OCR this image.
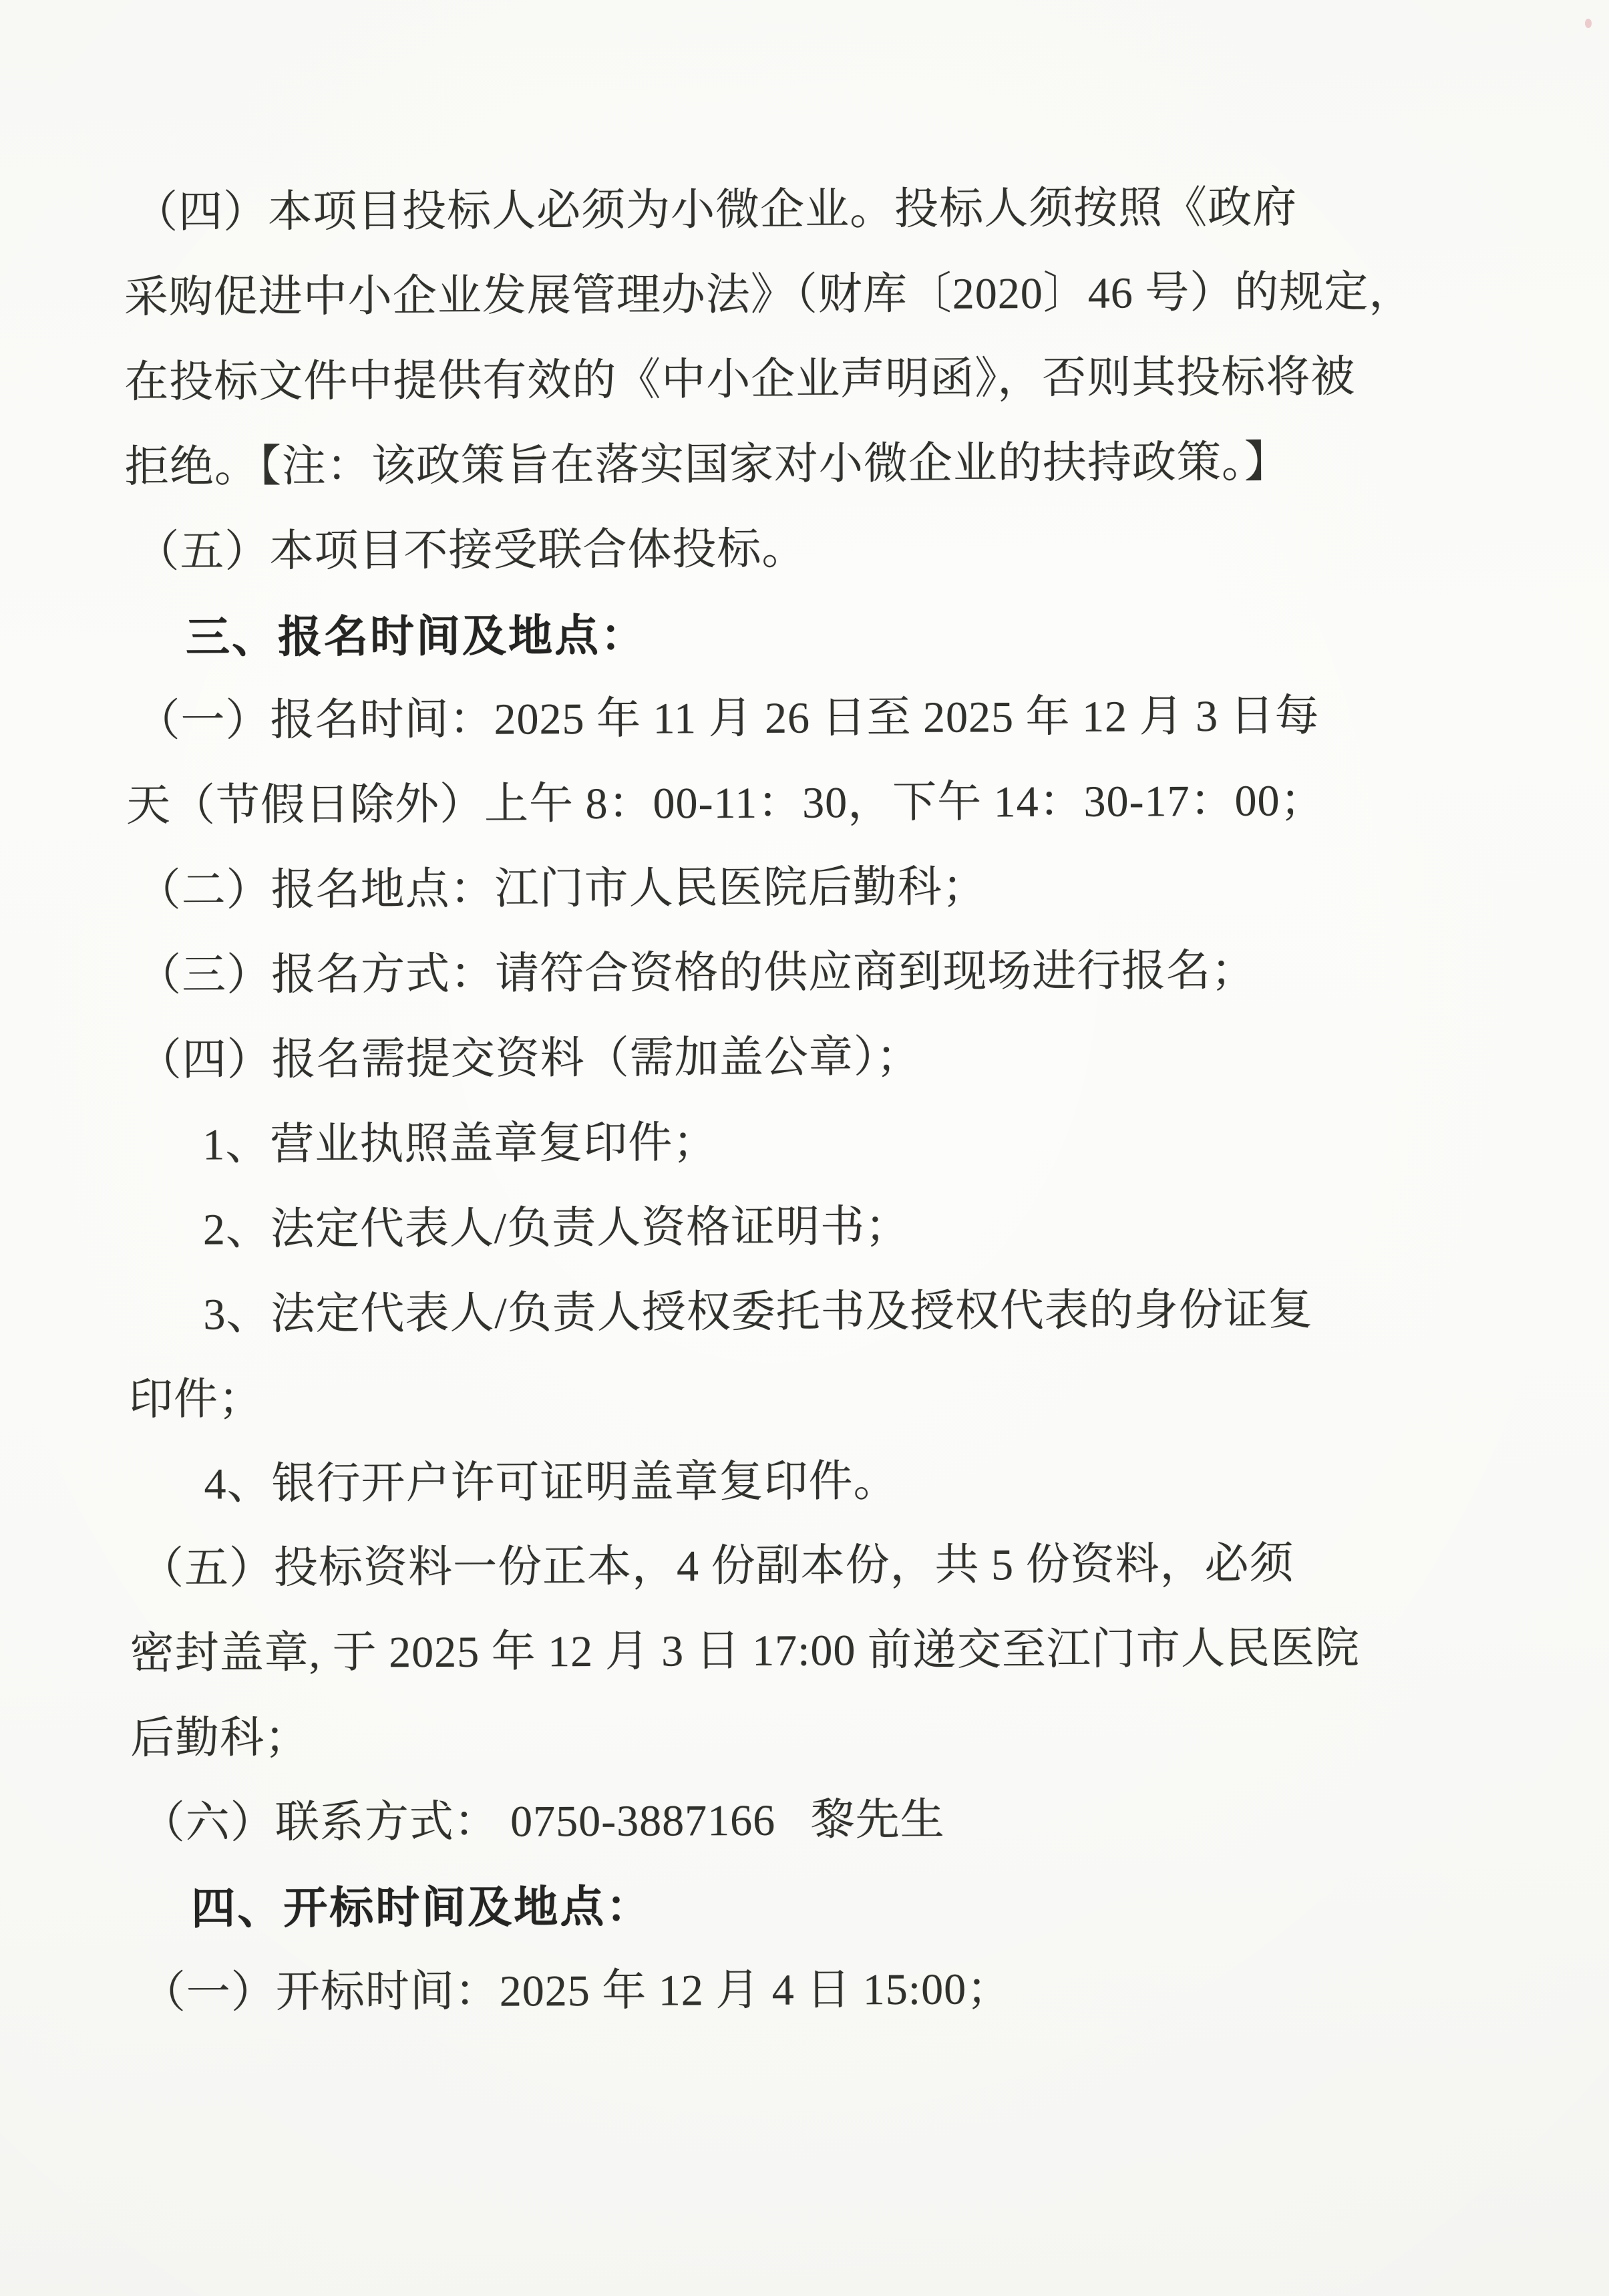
（四）本项目投标人必须为小微企业。投标人须按照《政府
采购促进中小企业发展管理办法》（财库〔2020〕46 号）的规定，
在投标文件中提供有效的《中小企业声明函》，否则其投标将被
拒绝。【注：该政策旨在落实国家对小微企业的扶持政策。】
（五）本项目不接受联合体投标。
三、报名时间及地点：
（一）报名时间：2025 年 11 月 26 日至 2025 年 12 月 3 日每
天（节假日除外）上午 8：00-11：30，下午 14：30-17：00；
（二）报名地点：江门市人民医院后勤科；
（三）报名方式：请符合资格的供应商到现场进行报名；
（四）报名需提交资料（需加盖公章）；
1、营业执照盖章复印件；
2、法定代表人/负责人资格证明书；
3、法定代表人/负责人授权委托书及授权代表的身份证复
印件；
4、银行开户许可证明盖章复印件。
（五）投标资料一份正本，4 份副本份，共 5 份资料，必须
密封盖章, 于 2025 年 12 月 3 日 17:00 前递交至江门市人民医院
后勤科；
（六）联系方式： 0750-3887166   黎先生
四、开标时间及地点：
（一）开标时间：2025 年 12 月 4 日 15:00；
